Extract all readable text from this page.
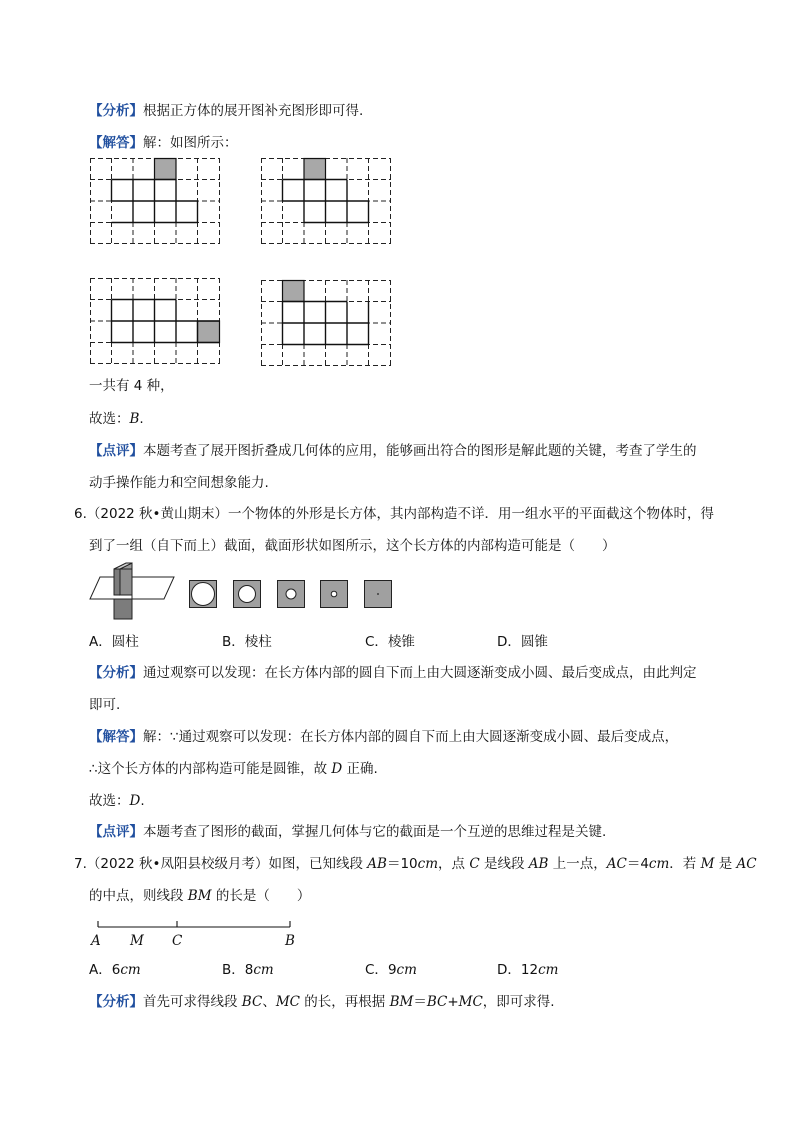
【分析】根据正方体的展开图补充图形即可得.
【解答】解：如图所示：
一共有 4 种，
故选：B.
【点评】本题考查了展开图折叠成几何体的应用，能够画出符合的图形是解此题的关键，考查了学生的
动手操作能力和空间想象能力.
6.（2022 秋•黄山期末）一个物体的外形是长方体，其内部构造不详．用一组水平的平面截这个物体时，得
到了一组（自下而上）截面，截面形状如图所示，这个长方体的内部构造可能是（　　）
A．圆柱	B．棱柱	C．棱锥	D．圆锥
【分析】通过观察可以发现：在长方体内部的圆自下而上由大圆逐渐变成小圆、最后变成点，由此判定
即可.
【解答】解：∵通过观察可以发现：在长方体内部的圆自下而上由大圆逐渐变成小圆、最后变成点，
∴这个长方体的内部构造可能是圆锥，故 D 正确.
故选：D.
【点评】本题考查了图形的截面，掌握几何体与它的截面是一个互逆的思维过程是关键.
7.（2022 秋•凤阳县校级月考）如图，已知线段 AB＝10cm，点 C 是线段 AB 上一点，AC＝4cm．若 M 是 AC
的中点，则线段 BM 的长是（　　）
A M C	B
A．6cm	B．8cm	C．9cm	D．12cm
【分析】首先可求得线段 BC、MC 的长，再根据 BM＝BC+MC，即可求得.
